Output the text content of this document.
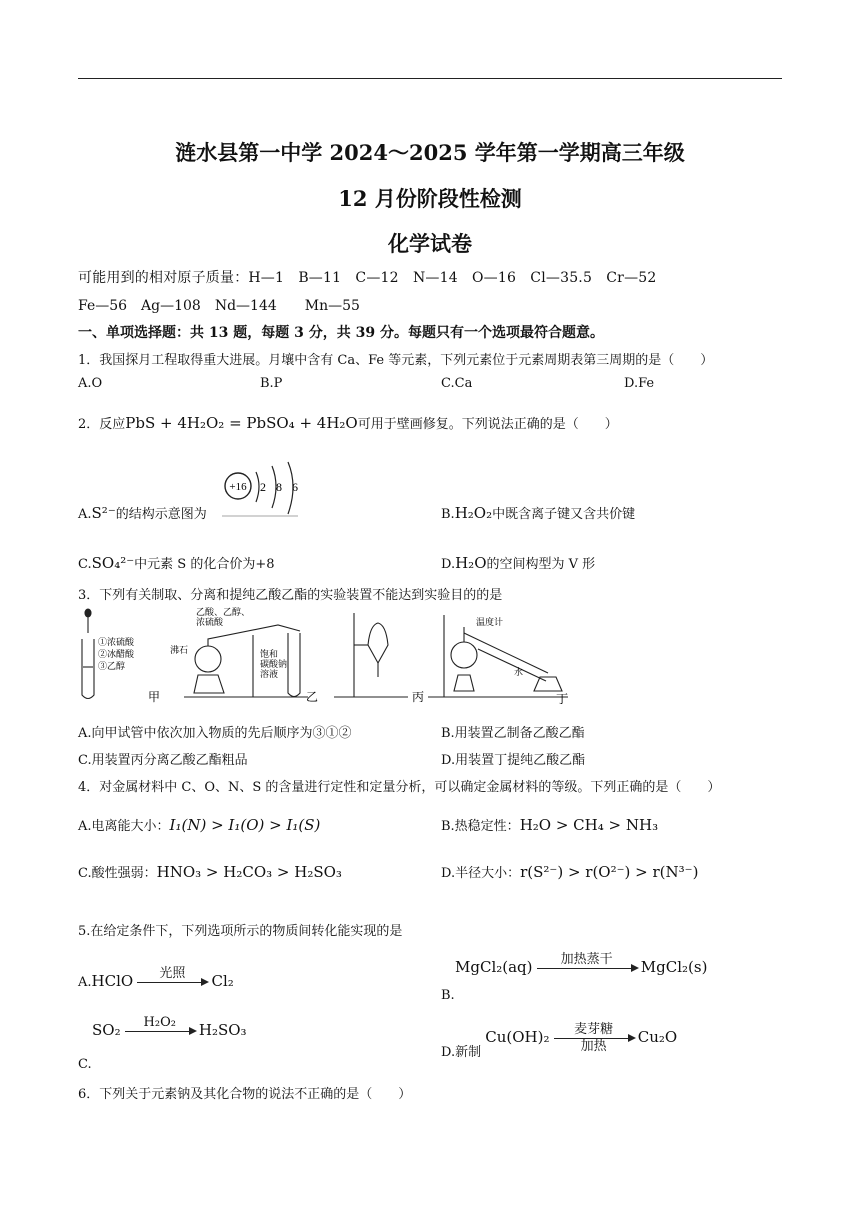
涟水县第一中学 2024～2025 学年第一学期高三年级
12 月份阶段性检测
化学试卷
可能用到的相对原子质量：H—1　B—11　C—12　N—14　O—16　Cl—35.5　Cr—52
Fe—56　Ag—108　Nd—144　　Mn—55
一、单项选择题：共 13 题，每题 3 分，共 39 分。每题只有一个选项最符合题意。
1．我国探月工程取得重大进展。月壤中含有 Ca、Fe 等元素，下列元素位于元素周期表第三周期的是（　　）
A.O	B.P	C.Ca	D.Fe
2．反应PbS + 4H₂O₂ = PbSO₄ + 4H₂O可用于壁画修复。下列说法正确的是（　　）
A.S²⁻的结构示意图为
+16 2 8 6
B.H₂O₂中既含离子键又含共价键
C.SO₄²⁻中元素 S 的化合价为+8	D.H₂O的空间构型为 V 形
3．下列有关制取、分离和提纯乙酸乙酯的实验装置不能达到实验目的的是
①浓硫酸
②冰醋酸
③乙醇
甲
乙酸、乙醇、
浓硫酸
沸石	饱和
碳酸钠
溶液
乙	丙
温度计
水
丁
A.向甲试管中依次加入物质的先后顺序为③①②	B.用装置乙制备乙酸乙酯
C.用装置丙分离乙酸乙酯粗品	D.用装置丁提纯乙酸乙酯
4．对金属材料中 C、O、N、S 的含量进行定性和定量分析，可以确定金属材料的等级。下列正确的是（　　）
A.电离能大小：I₁(N) > I₁(O) > I₁(S)	B.热稳定性：H₂O > CH₄ > NH₃
C.酸性强弱：HNO₃ > H₂CO₃ > H₂SO₃	D.半径大小：r(S²⁻) > r(O²⁻) > r(N³⁻)
5.在给定条件下，下列选项所示的物质间转化能实现的是
A.HClO	光照
	Cl₂
MgCl₂(aq)	加热蒸干
	MgCl₂(s)
B.
SO₂	H₂O₂
	H₂SO₃
C.
D.新制 Cu(OH)₂	麦芽糖
加热
Cu₂O
6．下列关于元素钠及其化合物的说法不正确的是（　　）
